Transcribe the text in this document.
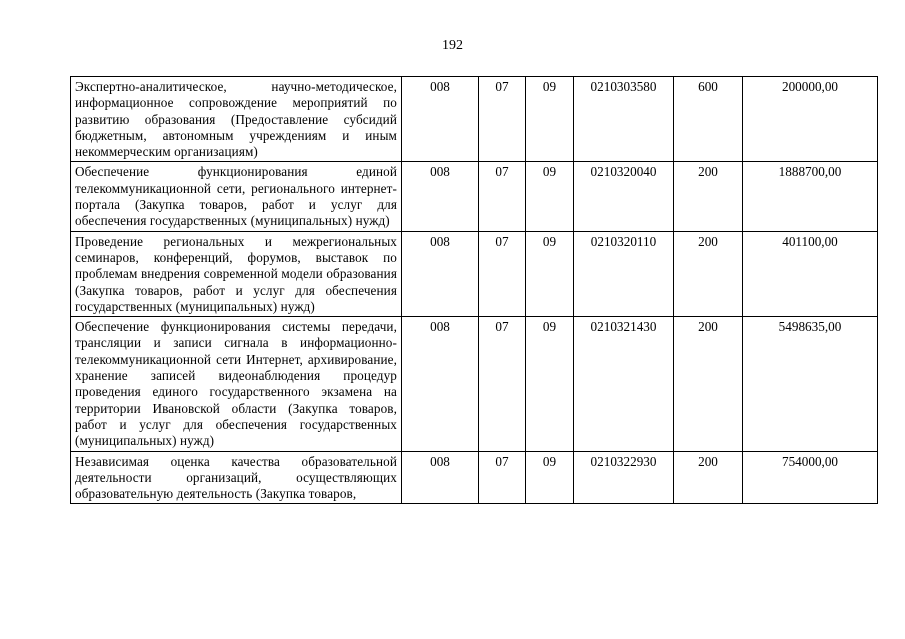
192
Экспертно-аналитическое, научно-методическое, информационное сопровождение мероприятий по развитию образования (Предоставление субсидий бюджетным, автономным учреждениям и иным некоммерческим организациям)	008	07	09	0210303580	600	200000,00
Обеспечение функционирования единой телекоммуникационной сети, регионального интернет-портала (Закупка товаров, работ и услуг для обеспечения государственных (муниципальных) нужд)	008	07	09	0210320040	200	1888700,00
Проведение региональных и межрегиональных семинаров, конференций, форумов, выставок по проблемам внедрения современной модели образования (Закупка товаров, работ и услуг для обеспечения государственных (муниципальных) нужд)	008	07	09	0210320110	200	401100,00
Обеспечение функционирования системы передачи, трансляции и записи сигнала в информационно-телекоммуникационной сети Интернет, архивирование, хранение записей видеонаблюдения процедур проведения единого государственного экзамена на территории Ивановской области (Закупка товаров, работ и услуг для обеспечения государственных (муниципальных) нужд)	008	07	09	0210321430	200	5498635,00
Независимая оценка качества образовательной деятельности организаций, осуществляющих образовательную деятельность (Закупка товаров,	008	07	09	0210322930	200	754000,00
